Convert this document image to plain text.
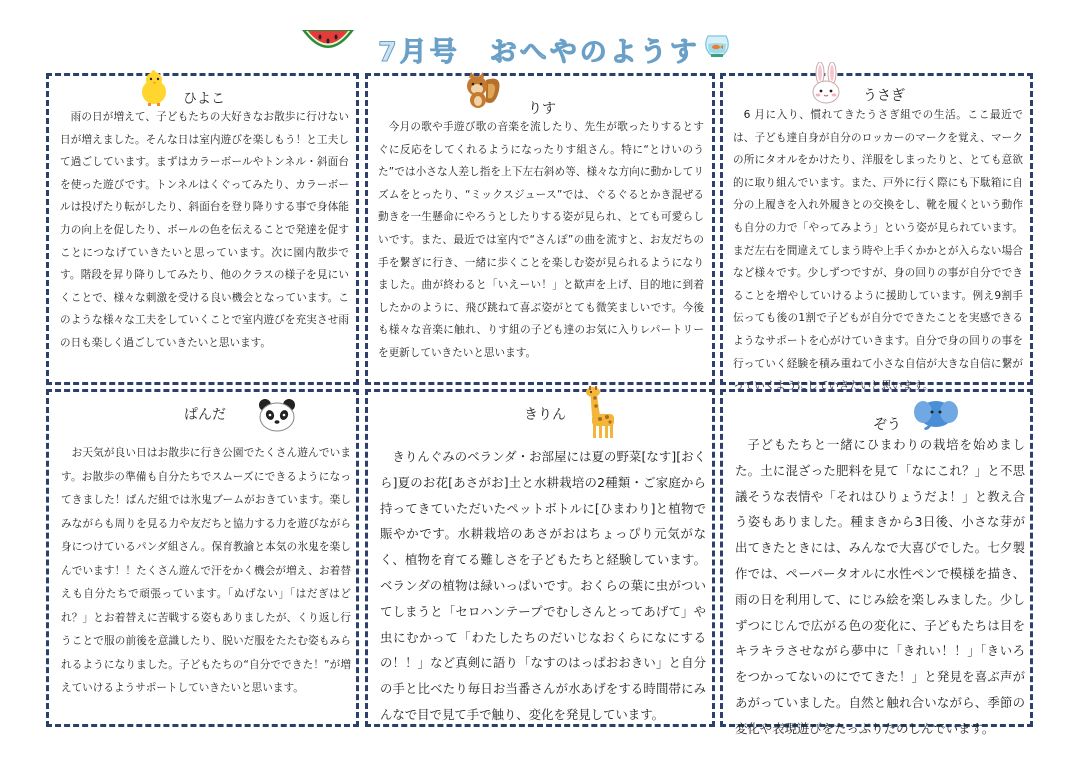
7月号　おへやのようす
ひよこ
雨の日が増えて、子どもたちの大好きなお散歩に行けない日が増えました。そんな日は室内遊びを楽しもう！と工夫して過ごしています。まずはカラーボールやトンネル・斜面台を使った遊びです。トンネルはくぐってみたり、カラーボールは投げたり転がしたり、斜面台を登り降りする事で身体能力の向上を促したり、ボールの色を伝えることで発達を促すことにつなげていきたいと思っています。次に園内散歩です。階段を昇り降りしてみたり、他のクラスの様子を見にいくことで、様々な刺激を受ける良い機会となっています。このような様々な工夫をしていくことで室内遊びを充実させ雨の日も楽しく過ごしていきたいと思います。
りす
今月の歌や手遊び歌の音楽を流したり、先生が歌ったりするとすぐに反応をしてくれるようになったりす組さん。特に“とけいのうた”では小さな人差し指を上下左右斜め等、様々な方向に動かしてリズムをとったり、“ミックスジュース”では、ぐるぐるとかき混ぜる動きを一生懸命にやろうとしたりする姿が見られ、とても可愛らしいです。また、最近では室内で“さんぽ”の曲を流すと、お友だちの手を繋ぎに行き、一緒に歩くことを楽しむ姿が見られるようになりました。曲が終わると「いえーい！」と歓声を上げ、目的地に到着したかのように、飛び跳ねて喜ぶ姿がとても微笑ましいです。今後も様々な音楽に触れ、りす組の子ども達のお気に入りレパートリーを更新していきたいと思います。
うさぎ
6 月に入り、慣れてきたうさぎ組での生活。ここ最近では、子ども達自身が自分のロッカーのマークを覚え、マークの所にタオルをかけたり、洋服をしまったりと、とても意欲的に取り組んでいます。また、戸外に行く際にも下駄箱に自分の上履きを入れ外履きとの交換をし、靴を履くという動作も自分の力で「やってみよう」という姿が見られています。まだ左右を間違えてしまう時や上手くかかとが入らない場合など様々です。少しずつですが、身の回りの事が自分でできることを増やしていけるように援助しています。例え9割手伝っても後の1割で子どもが自分でできたことを実感できるようなサポートを心がけていきます。自分で身の回りの事を行っていく経験を積み重ねて小さな自信が大きな自信に繋がっていくようにしていきたいと思います。
ぱんだ
お天気が良い日はお散歩に行き公園でたくさん遊んでいます。お散歩の準備も自分たちでスムーズにできるようになってきました！ぱんだ組では氷鬼ブームがおきています。楽しみながらも周りを見る力や友だちと協力する力を遊びながら身につけているパンダ組さん。保育教諭と本気の氷鬼を楽しんでいます！！たくさん遊んで汗をかく機会が増え、お着替えも自分たちで頑張っています。「ぬげない」「はだぎはどれ？」とお着替えに苦戦する姿もありましたが、くり返し行うことで服の前後を意識したり、脱いだ服をたたむ姿もみられるようになりました。子どもたちの“自分でできた！”が増えていけるようサポートしていきたいと思います。
きりん
きりんぐみのベランダ・お部屋には夏の野菜[なす][おくら]夏のお花[あさがお]土と水耕栽培の2種類・ご家庭から持ってきていただいたペットボトルに[ひまわり]と植物で賑やかです。水耕栽培のあさがおはちょっぴり元気がなく、植物を育てる難しさを子どもたちと経験しています。ベランダの植物は緑いっぱいです。おくらの葉に虫がついてしまうと「セロハンテープでむしさんとってあげて」や虫にむかって「わたしたちのだいじなおくらになにするの！！」など真剣に語り「なすのはっぱおおきい」と自分の手と比べたり毎日お当番さんが水あげをする時間帯にみんなで目で見て手で触り、変化を発見しています。
ぞう
子どもたちと一緒にひまわりの栽培を始めました。土に混ざった肥料を見て「なにこれ？」と不思議そうな表情や「それはひりょうだよ！」と教え合う姿もありました。種まきから3日後、小さな芽が出てきたときには、みんなで大喜びでした。七夕製作では、ペーパータオルに水性ペンで模様を描き、雨の日を利用して、にじみ絵を楽しみました。少しずつにじんで広がる色の変化に、子どもたちは目をキラキラさせながら夢中に「きれい！！」「きいろをつかってないのにでてきた！」と発見を喜ぶ声があがっていました。自然と触れ合いながら、季節の変化や表現遊びをたっぷりたのしんでいます。
